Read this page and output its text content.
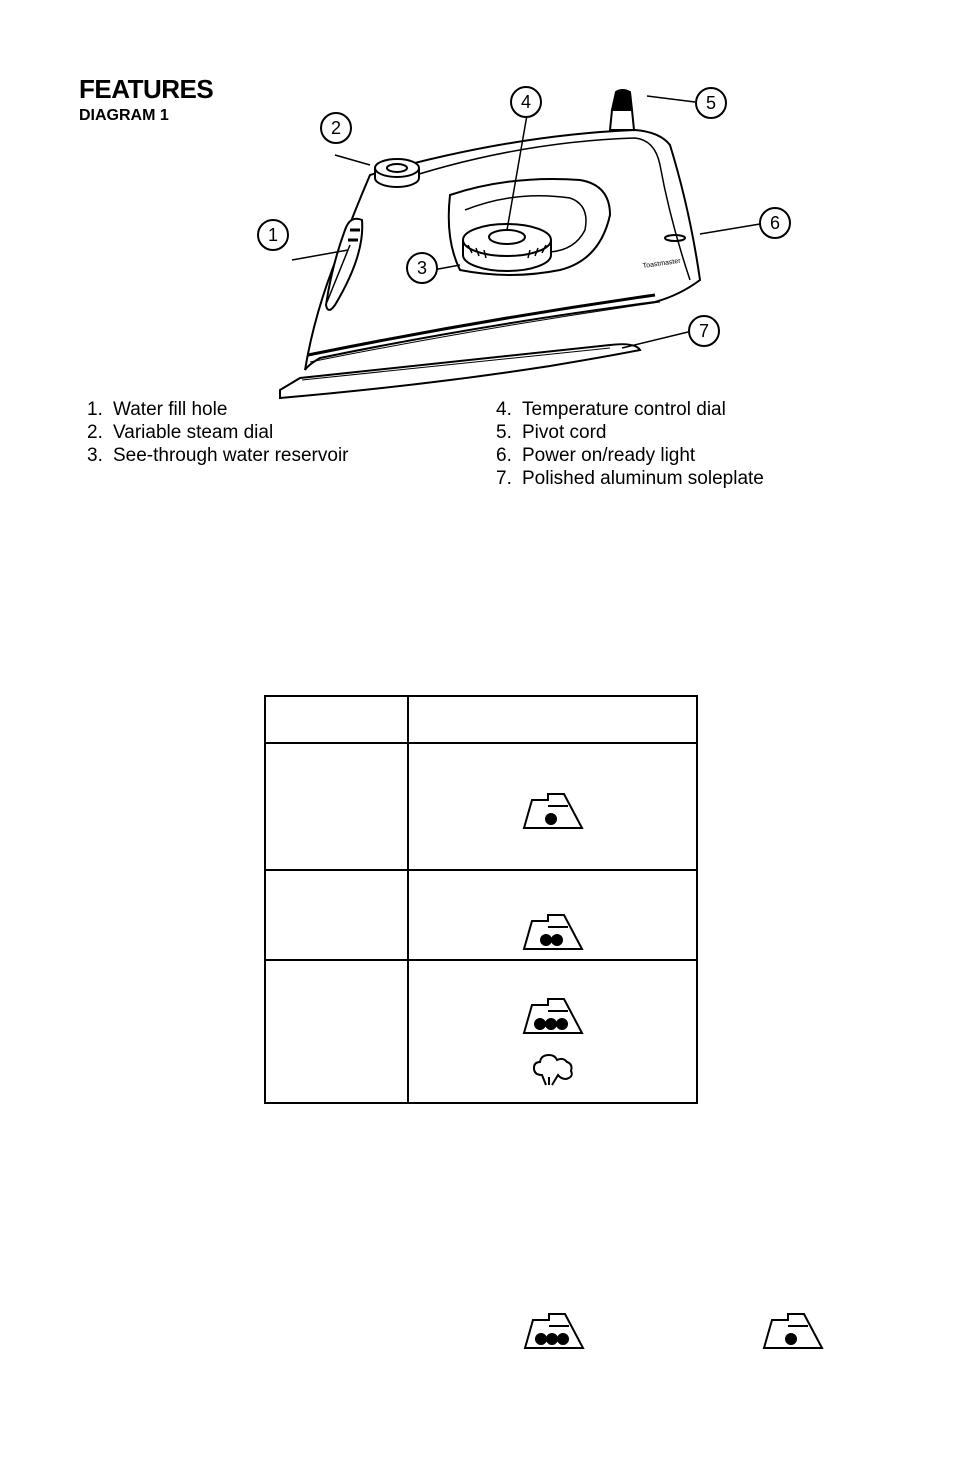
FEATURES
DIAGRAM 1
Toastmaster
1
2
3
4	5
6
7
1. Water fill hole
2. Variable steam dial
3. See-through water reservoir
4. Temperature control dial
5. Pivot cord
6. Power on/ready light
7. Polished aluminum soleplate
